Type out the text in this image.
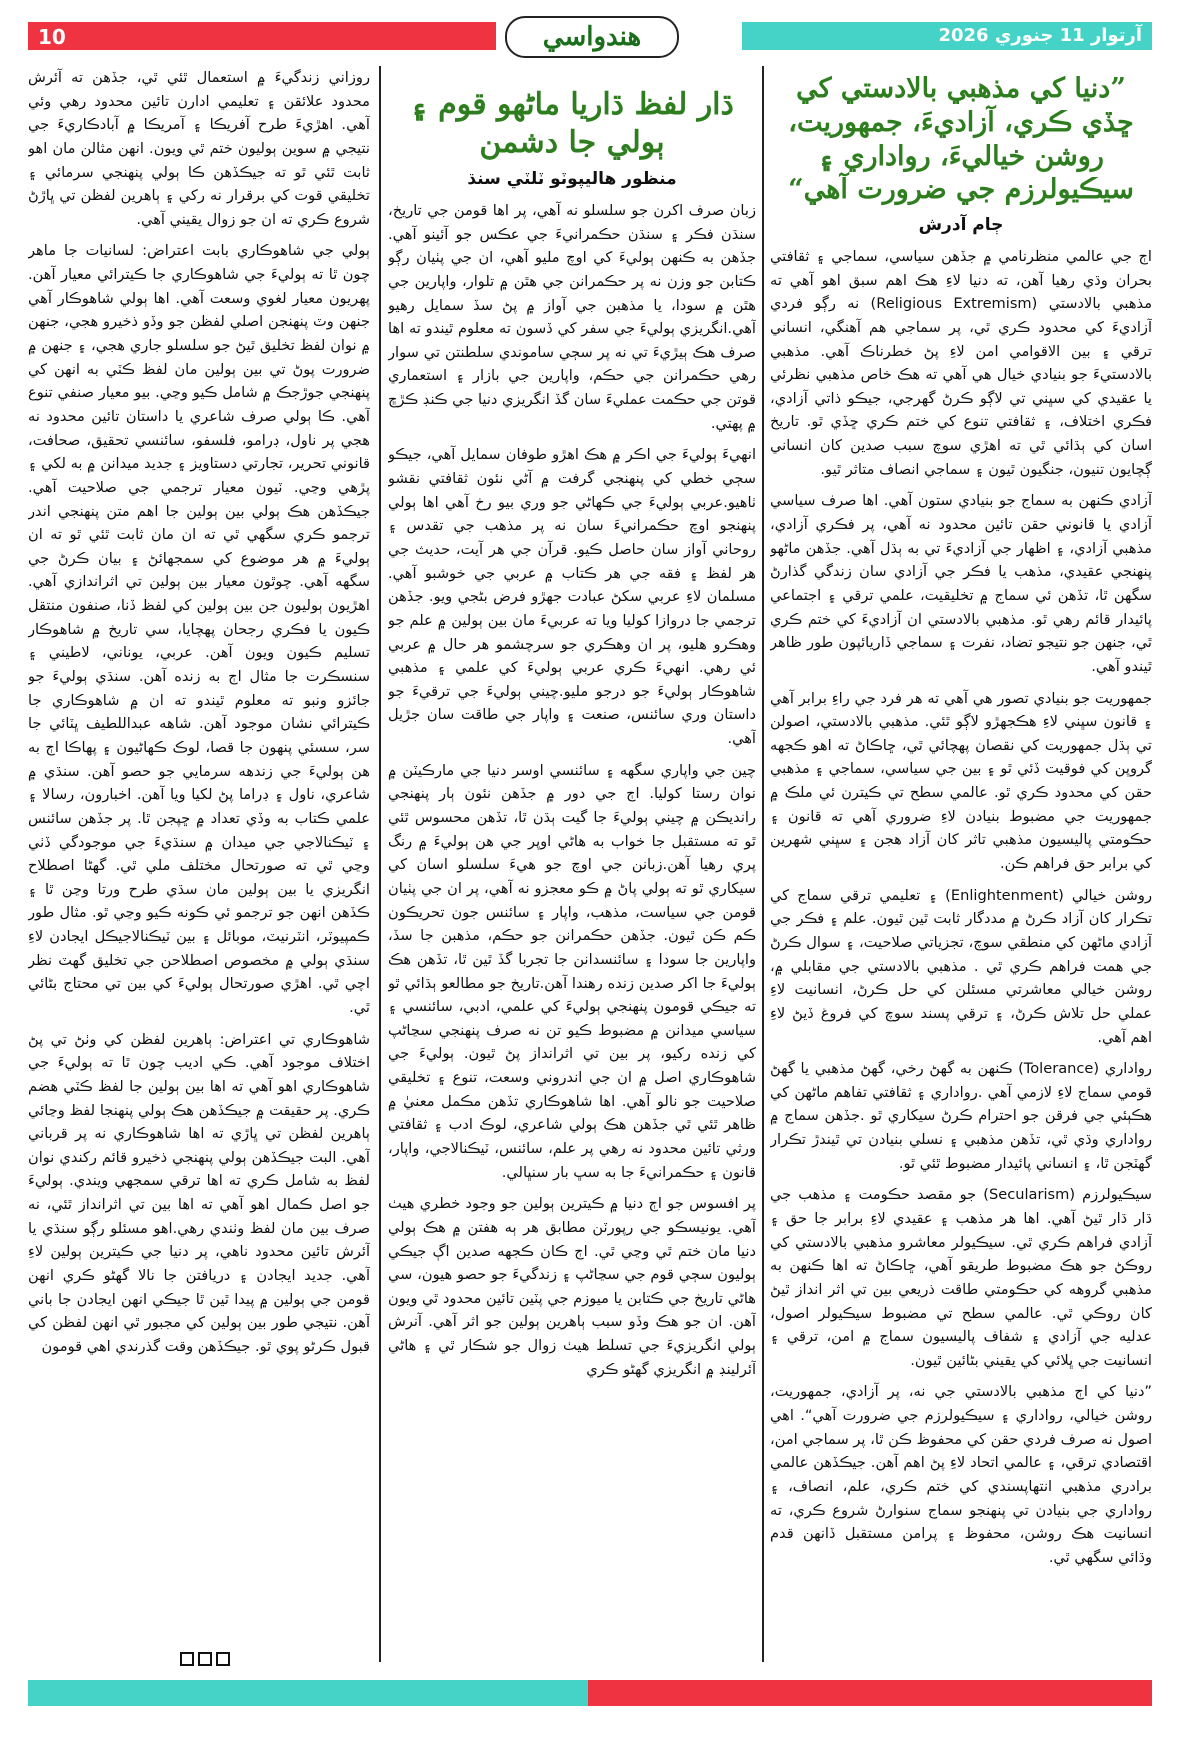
10	آرتوار 11 جنوري 2026
هندواسي
”دنيا کي مذهبي بالادستي کي ڇڏي ڪري، آزاديءَ، جمهوريت، روشن خياليءَ، رواداري ۽ سيڪيولرزم جي ضرورت آهي“
ڄام آدرش

اڄ جي عالمي منظرنامي ۾ جڏهن سياسي، سماجي ۽ ثقافتي بحران وڌي رهيا آهن، ته دنيا لاءِ هڪ اهم سبق اهو آهي ته مذهبي بالادستي (Religious Extremism) نه رڳو فردي آزاديءَ کي محدود ڪري ٿي، پر سماجي هم آهنگي، انساني ترقي ۽ بين الاقوامي امن لاءِ پڻ خطرناڪ آهي. مذهبي بالادستيءَ جو بنيادي خيال هي آهي ته هڪ خاص مذهبي نظرئي يا عقيدي کي سڀني تي لاڳو ڪرڻ گهرجي، جيڪو ذاتي آزادي، فڪري اختلاف، ۽ ثقافتي تنوع کي ختم ڪري ڇڏي ٿو. تاريخ اسان کي ٻڌائي ٿي ته اهڙي سوچ سبب صدين کان انساني ڳچايون تنيون، جنگيون ٿيون ۽ سماجي انصاف متاثر ٿيو.

آزادي ڪنهن به سماج جو بنيادي ستون آهي. اها صرف سياسي آزادي يا قانوني حقن تائين محدود نه آهي، پر فڪري آزادي، مذهبي آزادي، ۽ اظهار جي آزاديءَ تي به ٻڌل آهي. جڏهن ماڻهو پنهنجي عقيدي، مذهب يا فڪر جي آزادي سان زندگي گذارڻ سگهن ٿا، تڏهن ئي سماج ۾ تخليقيت، علمي ترقي ۽ اجتماعي پائيدار قائم رهي ٿو. مذهبي بالادستي ان آزاديءَ کي ختم ڪري ٿي، جنهن جو نتيجو تضاد، نفرت ۽ سماجي ڏاريائپون طور ظاهر ٿيندو آهي.

جمهوريت جو بنيادي تصور هي آهي ته هر فرد جي راءِ برابر آهي ۽ قانون سڀني لاءِ هڪجهڙو لاڳو ٿئي. مذهبي بالادستي، اصولن تي ٻڌل جمهوريت کي نقصان پهچائي ٿي، ڇاڪاڻ ته اهو ڪجهه گروپن کي فوقيت ڏئي ٿو ۽ بين جي سياسي، سماجي ۽ مذهبي حقن کي محدود ڪري ٿو. عالمي سطح تي ڪيترن ئي ملڪ ۾ جمهوريت جي مضبوط بنيادن لاءِ ضروري آهي ته قانون ۽ حڪومتي پاليسيون مذهبي تاثر کان آزاد هجن ۽ سڀني شهرين کي برابر حق فراهم ڪن.

روشن خيالي (Enlightenment) ۽ تعليمي ترقي سماج کي تڪرار کان آزاد ڪرڻ ۾ مددگار ثابت ٿين ٿيون. علم ۽ فڪر جي آزادي ماڻهن کي منطقي سوچ، تجزياتي صلاحيت، ۽ سوال ڪرڻ جي همت فراهم ڪري ٿي . مذهبي بالادستي جي مقابلي ۾، روشن خيالي معاشرتي مسئلن کي حل ڪرڻ، انسانيت لاءِ عملي حل تلاش ڪرڻ، ۽ ترقي پسند سوچ کي فروغ ڏيڻ لاءِ اهم آهي.

رواداري (Tolerance) ڪنهن به گهڻ رخي، گهڻ مذهبي يا گهڻ قومي سماج لاءِ لازمي آهي .رواداري ۽ ثقافتي تفاهم ماڻهن کي هڪٻئي جي فرقن جو احترام ڪرڻ سيکاري ٿو .جڏهن سماج ۾ رواداري وڌي ٿي، تڏهن مذهبي ۽ نسلي بنيادن تي ٿيندڙ تڪرار گهٽجن ٿا، ۽ انساني پائيدار مضبوط ٿئي ٿو.

سيڪيولرزم (Secularism) جو مقصد حڪومت ۽ مذهب جي ڌار ڌار ٿيڻ آهي. اها هر مذهب ۽ عقيدي لاءِ برابر جا حق ۽ آزادي فراهم ڪري ٿي. سيڪيولر معاشرو مذهبي بالادستي کي روڪڻ جو هڪ مضبوط طريقو آهي، ڇاڪاڻ ته اها ڪنهن به مذهبي گروهه کي حڪومتي طاقت ذريعي بين تي اثر انداز ٿيڻ کان روڪي ٿي. عالمي سطح تي مضبوط سيڪيولر اصول، عدليه جي آزادي ۽ شفاف پاليسيون سماج ۾ امن، ترقي ۽ انسانيت جي ڀلائي کي يقيني بڻائين ٿيون.

”دنيا کي اڄ مذهبي بالادستي جي نه، پر آزادي، جمهوريت، روشن خيالي، رواداري ۽ سيڪيولرزم جي ضرورت آهي“. اهي اصول نه صرف فردي حقن کي محفوظ ڪن ٿا، پر سماجي امن، اقتصادي ترقي، ۽ عالمي اتحاد لاءِ پڻ اهم آهن. جيڪڏهن عالمي برادري مذهبي انتهاپسندي کي ختم ڪري، علم، انصاف، ۽ رواداري جي بنيادن تي پنهنجو سماج سنوارڻ شروع ڪري، ته انسانيت هڪ روشن، محفوظ ۽ پرامن مستقبل ڏانهن قدم وڌائي سگهي ٿي.

ڌار لفظ ڌاريا ماڻهو قوم ۽ ٻولي جا دشمن
منظور هاليپوٽو ٽلٽي سنڌ

زبان صرف اکرن جو سلسلو نه آهي، پر اها قومن جي تاريخ، سنڌن فڪر ۽ سنڌن حڪمرانيءَ جي عڪس جو آئينو آهي. جڏهن به ڪنهن ٻوليءَ کي اوچ مليو آهي، ان جي پٺيان رڳو ڪتابن جو وزن نه پر حڪمرانن جي هٿن ۾ تلوار، واپارين جي هٿن ۾ سودا، يا مذهبن جي آواز ۾ پڻ سڏ سمايل رهيو آهي.انگريزي ٻوليءَ جي سفر کي ڏسون ته معلوم ٿيندو ته اها صرف هڪ ٻيڙيءَ تي نه پر سڄي ساموندي سلطنتن تي سوار رهي حڪمرانن جي حڪم، واپارين جي بازار ۽ استعماري قوتن جي حڪمت عمليءَ سان گڏ انگريزي دنيا جي ڪنڊ ڪڙڇ ۾ پهتي.

انهيءَ ٻوليءَ جي اڪر ۾ هڪ اهڙو طوفان سمايل آهي، جيڪو سڄي خطي کي پنهنجي گرفت ۾ آڻي نئون ثقافتي نقشو ٺاهيو.عربي ٻوليءَ جي ڪهاڻي جو وري بيو رخ آهي اها ٻولي پنهنجو اوچ حڪمرانيءَ سان نه پر مذهب جي تقدس ۽ روحاني آواز سان حاصل ڪيو. قرآن جي هر آيت، حديث جي هر لفظ ۽ فقه جي هر ڪتاب ۾ عربي جي خوشبو آهي. مسلمان لاءِ عربي سکڻ عبادت جهڙو فرض بڻجي ويو. جڏهن ترجمي جا دروازا کوليا ويا ته عربيءَ مان بين ٻولين ۾ علم جو وهڪرو هليو، پر ان وهڪري جو سرچشمو هر حال ۾ عربي ئي رهي. انهيءَ ڪري عربي ٻوليءَ کي علمي ۽ مذهبي شاهوڪار ٻوليءَ جو درجو مليو.چيني ٻوليءَ جي ترقيءَ جو داستان وري سائنس، صنعت ۽ واپار جي طاقت سان جڙيل آهي.

چين جي واپاري سگهه ۽ سائنسي اوسر دنيا جي مارڪيٽن ۾ نوان رستا کوليا. اڄ جي دور ۾ جڏهن نئون ٻار پنهنجي رانديڪن ۾ چيني ٻوليءَ جا گيت ٻڌن ٿا، تڏهن محسوس ٿئي ٿو ته مستقبل جا خواب به هاڻي اوپر جي هن ٻوليءَ ۾ رنگ پري رهيا آهن.زبانن جي اوچ جو هيءَ سلسلو اسان کي سيکاري ٿو ته ٻولي پاڻ ۾ ڪو معجزو نه آهي، پر ان جي پٺيان قومن جي سياست، مذهب، واپار ۽ سائنس جون تحريڪون ڪم ڪن ٿيون. جڏهن حڪمرانن جو حڪم، مذهبن جا سڏ، واپارين جا سودا ۽ سائنسدانن جا تجربا گڏ ٿين ٿا، تڏهن هڪ ٻوليءَ جا اکر صدين زنده رهندا آهن.تاريخ جو مطالعو ٻڌائي ٿو ته جيڪي قومون پنهنجي ٻوليءَ کي علمي، ادبي، سائنسي ۽ سياسي ميدانن ۾ مضبوط ڪيو تن نه صرف پنهنجي سڃاڻپ کي زنده رکيو، پر بين تي اثرانداز پڻ ٿيون. ٻوليءَ جي شاهوڪاري اصل ۾ ان جي اندروني وسعت، تنوع ۽ تخليقي صلاحيت جو نالو آهي. اها شاهوڪاري تڏهن مڪمل معنيٰ ۾ ظاهر ٿئي ٿي جڏهن هڪ ٻولي شاعري، لوڪ ادب ۽ ثقافتي ورثي تائين محدود نه رهي پر علم، سائنس، ٽيڪنالاجي، واپار، قانون ۽ حڪمرانيءَ جا به سڀ بار سنڀالي.

پر افسوس جو اڄ دنيا ۾ ڪيترين ٻولين جو وجود خطري هيٺ آهي. يونيسڪو جي رپورٽن مطابق هر ٻه هفتن ۾ هڪ ٻولي دنيا مان ختم ٿي وڃي ٿي. اڄ ڪان ڪجهه صدين اڳ جيڪي ٻوليون سڄي قوم جي سڃاڻپ ۽ زندگيءَ جو حصو هيون، سي هاڻي تاريخ جي ڪتابن يا ميوزم جي پٽين تائين محدود ٿي ويون آهن. ان جو هڪ وڏو سبب ٻاهرين ٻولين جو اثر آهي. آنرش ٻولي انگريزيءَ جي تسلط هيٺ زوال جو شڪار ٿي ۽ هاڻي آئرلينڊ ۾ انگريزي گهڻو ڪري

روزاني زندگيءَ ۾ استعمال ٿئي ٿي، جڏهن ته آئرش محدود علائقن ۽ تعليمي ادارن تائين محدود رهي وئي آهي. اهڙيءَ طرح آفريڪا ۽ آمريڪا ۾ آبادڪاريءَ جي نتيجي ۾ سوين ٻوليون ختم ٿي ويون. انهن مثالن مان اهو ثابت ٿئي ٿو ته جيڪڏهن ڪا ٻولي پنهنجي سرمائي ۽ تخليقي قوت کي برقرار نه رکي ۽ ٻاهرين لفظن تي ڀاڙڻ شروع ڪري ته ان جو زوال يقيني آهي.

ٻولي جي شاهوڪاري بابت اعتراض: لسانيات جا ماهر چون ٿا ته ٻوليءَ جي شاهوڪاري جا ڪيترائي معيار آهن. پهريون معيار لغوي وسعت آهي. اها ٻولي شاهوڪار آهي جنهن وٽ پنهنجن اصلي لفظن جو وڏو ذخيرو هجي، جنهن ۾ نوان لفظ تخليق ٿيڻ جو سلسلو جاري هجي، ۽ جنهن ۾ ضرورت پوڻ تي بين ٻولين مان لفظ ڪٽي به انهن کي پنهنجي جوڙجڪ ۾ شامل ڪيو وڃي. بيو معيار صنفي تنوع آهي. ڪا ٻولي صرف شاعري يا داستان تائين محدود نه هجي پر ناول، ڊرامو، فلسفو، سائنسي تحقيق، صحافت، قانوني تحرير، تجارتي دستاويز ۽ جديد ميدانن ۾ به لکي ۽ پڙهي وڃي. ٽيون معيار ترجمي جي صلاحيت آهي. جيڪڏهن هڪ ٻولي بين ٻولين جا اهم متن پنهنجي اندر ترجمو ڪري سگهي ٿي ته ان مان ثابت ٿئي ٿو ته ان ٻوليءَ ۾ هر موضوع کي سمجهائڻ ۽ بيان ڪرڻ جي سگهه آهي. چوٿون معيار بين ٻولين تي اثراندازي آهي. اهڙيون ٻوليون جن بين ٻولين کي لفظ ڏنا، صنفون منتقل ڪيون يا فڪري رجحان پهچايا، سي تاريخ ۾ شاهوڪار تسليم ڪيون ويون آهن. عربي، يوناني، لاطيني ۽ سنسڪرت جا مثال اڄ به زنده آهن. سنڌي ٻوليءَ جو جائزو ونبو ته معلوم ٿيندو ته ان ۾ شاهوڪاري جا ڪيترائي نشان موجود آهن. شاهه عبداللطيف ڀٽائي جا سر، سسئي پنهون جا قصا، لوڪ ڪهاڻيون ۽ پهاڪا اڄ به هن ٻوليءَ جي زندهه سرمايي جو حصو آهن. سنڌي ۾ شاعري، ناول ۽ ڊراما پڻ لکيا ويا آهن. اخبارون، رسالا ۽ علمي ڪتاب به وڏي تعداد ۾ ڇپجن ٿا. پر جڏهن سائنس ۽ ٽيڪنالاجي جي ميدان ۾ سنڌيءَ جي موجودگي ڏٺي وڃي ٿي ته صورتحال مختلف ملي ٿي. گهڻا اصطلاح انگريزي يا بين ٻولين مان سڌي طرح ورتا وڃن ٿا ۽ ڪڏهن انهن جو ترجمو ئي ڪونه ڪيو وڃي ٿو. مثال طور ڪمپيوٽر، انٽرنيٽ، موبائل ۽ بين ٽيڪنالاجيڪل ايجادن لاءِ سنڌي ٻولي ۾ مخصوص اصطلاحن جي تخليق گهٽ نظر اچي ٿي. اهڙي صورتحال ٻوليءَ کي بين تي محتاج بڻائي ٿي.

شاهوڪاري تي اعتراض: ٻاهرين لفظن کي وٺڻ تي پڻ اختلاف موجود آهي. ڪي اديب چون ٿا ته ٻوليءَ جي شاهوڪاري اهو آهي ته اها بين ٻولين جا لفظ ڪٽي هضم ڪري. پر حقيقت ۾ جيڪڏهن هڪ ٻولي پنهنجا لفظ وڃائي ٻاهرين لفظن تي ڀاڙي ته اها شاهوڪاري نه پر قرباني آهي. البت جيڪڏهن ٻولي پنهنجي ذخيرو قائم رکندي نوان لفظ به شامل ڪري ته اها ترقي سمجهي ويندي. ٻوليءَ جو اصل ڪمال اهو آهي ته اها بين تي اثرانداز ٿئي، نه صرف بين مان لفظ وٺندي رهي.اهو مسئلو رڳو سنڌي يا آئرش تائين محدود ناهي، پر دنيا جي ڪيترين ٻولين لاءِ آهي. جديد ايجادن ۽ دريافتن جا نالا گهڻو ڪري انهن قومن جي ٻولين ۾ پيدا ٿين ٿا جيڪي انهن ايجادن جا باني آهن. نتيجي طور بين ٻولين کي مجبور ٿي انهن لفظن کي قبول ڪرڻو پوي ٿو. جيڪڏهن وقت گذرندي اهي قومون
